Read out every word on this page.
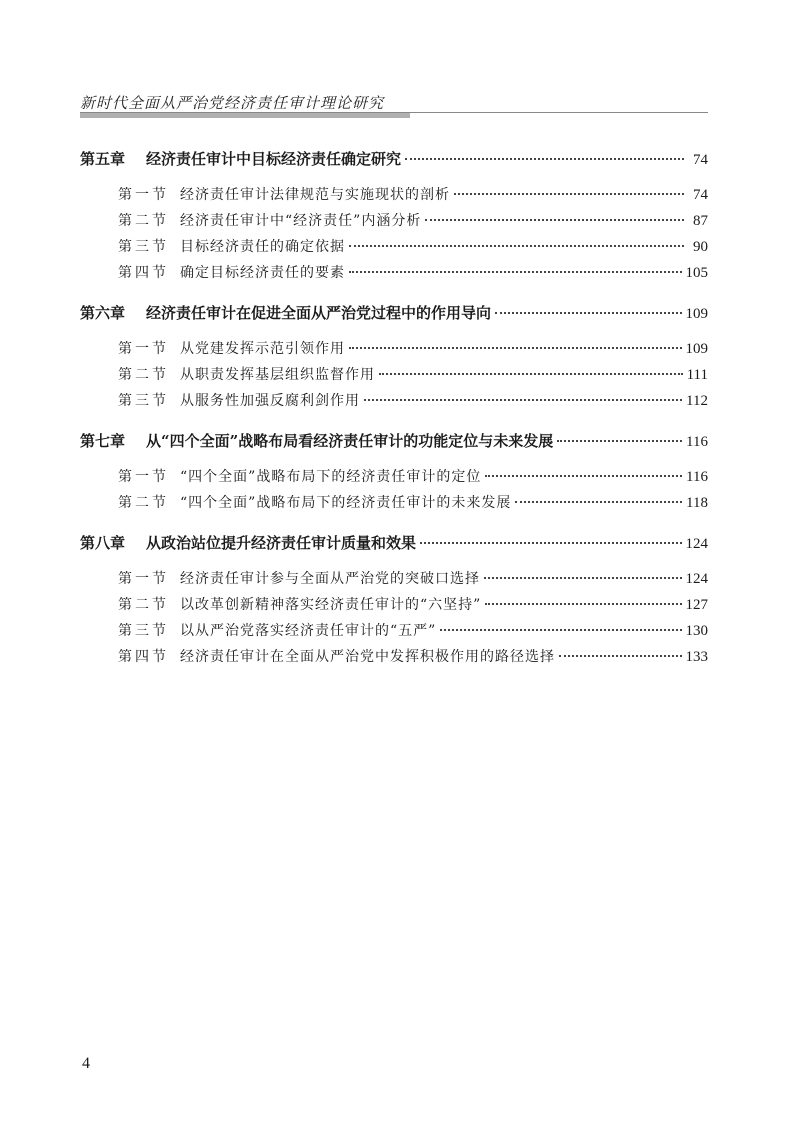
新时代全面从严治党经济责任审计理论研究
第五章	经济责任审计中目标经济责任确定研究	74
第一节 经济责任审计法律规范与实施现状的剖析	74
第二节 经济责任审计中“经济责任”内涵分析	87
第三节 目标经济责任的确定依据	90
第四节 确定目标经济责任的要素	105
第六章	经济责任审计在促进全面从严治党过程中的作用导向	109
第一节 从党建发挥示范引领作用	109
第二节 从职责发挥基层组织监督作用	111
第三节 从服务性加强反腐利剑作用	112
第七章	从“四个全面”战略布局看经济责任审计的功能定位与未来发展	116
第一节 “四个全面”战略布局下的经济责任审计的定位	116
第二节 “四个全面”战略布局下的经济责任审计的未来发展	118
第八章	从政治站位提升经济责任审计质量和效果	124
第一节 经济责任审计参与全面从严治党的突破口选择	124
第二节 以改革创新精神落实经济责任审计的“六坚持”	127
第三节 以从严治党落实经济责任审计的“五严”	130
第四节 经济责任审计在全面从严治党中发挥积极作用的路径选择	133
4
